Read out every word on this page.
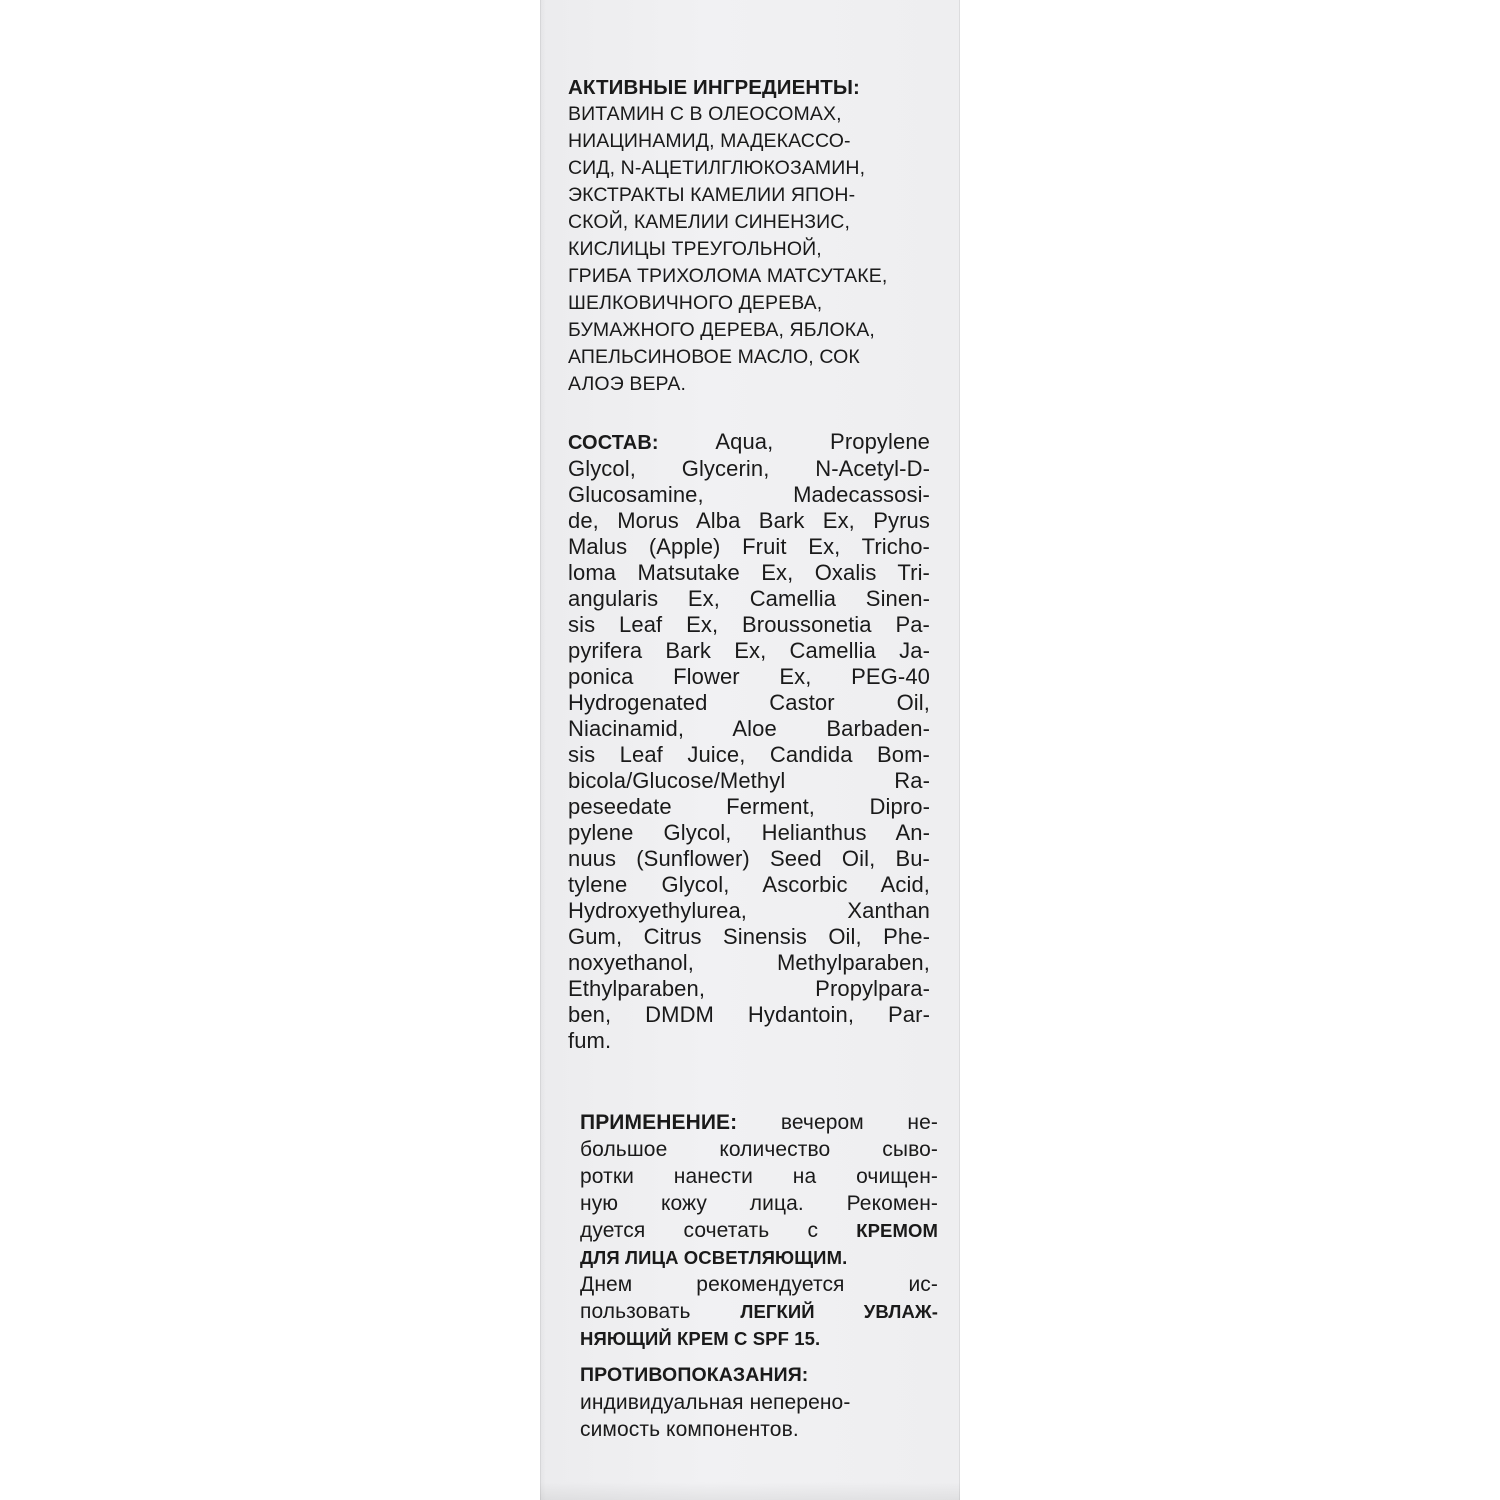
АКТИВНЫЕ ИНГРЕДИЕНТЫ:
ВИТАМИН С В ОЛЕОСОМАХ,
НИАЦИНАМИД, МАДЕКАССО-
СИД, N-АЦЕТИЛГЛЮКОЗАМИН,
ЭКСТРАКТЫ КАМЕЛИИ ЯПОН-
СКОЙ, КАМЕЛИИ СИНЕНЗИС,
КИСЛИЦЫ ТРЕУГОЛЬНОЙ,
ГРИБА ТРИХОЛОМА МАТСУТАКЕ,
ШЕЛКОВИЧНОГО ДЕРЕВА,
БУМАЖНОГО ДЕРЕВА, ЯБЛОКА,
АПЕЛЬСИНОВОЕ МАСЛО, СОК
АЛОЭ ВЕРА.
СОСТАВ:	Aqua, Propylene
Glycol, Glycerin, N-Acetyl-D-
Glucosamine, Madecassosi-
de, Morus Alba Bark Ex, Pyrus
Malus (Apple) Fruit Ex, Tricho-
loma Matsutake Ex, Oxalis Tri-
angularis Ex, Camellia Sinen-
sis Leaf Ex, Broussonetia Pa-
pyrifera Bark Ex, Camellia Ja-
ponica Flower Ex, PEG-40
Hydrogenated Castor Oil,
Niacinamid, Aloe Barbaden-
sis Leaf Juice, Candida Bom-
bicola/Glucose/Methyl Ra-
peseedate Ferment, Dipro-
pylene Glycol, Helianthus An-
nuus (Sunflower) Seed Oil, Bu-
tylene Glycol, Ascorbic Acid,
Hydroxyethylurea, Xanthan
Gum, Citrus Sinensis Oil, Phe-
noxyethanol, Methylparaben,
Ethylparaben, Propylpara-
ben, DMDM Hydantoin, Par-
fum.
ПРИМЕНЕНИЕ: вечером не-
большое количество сыво-
ротки нанести на очищен-
ную кожу лица. Рекомен-
дуется сочетать с КРЕМОМ
ДЛЯ ЛИЦА ОСВЕТЛЯЮЩИМ.
Днем рекомендуется ис-
пользовать	ЛЕГКИЙ УВЛАЖ-
НЯЮЩИЙ КРЕМ С SPF 15.
ПРОТИВОПОКАЗАНИЯ:
индивидуальная неперено-
симость компонентов.
